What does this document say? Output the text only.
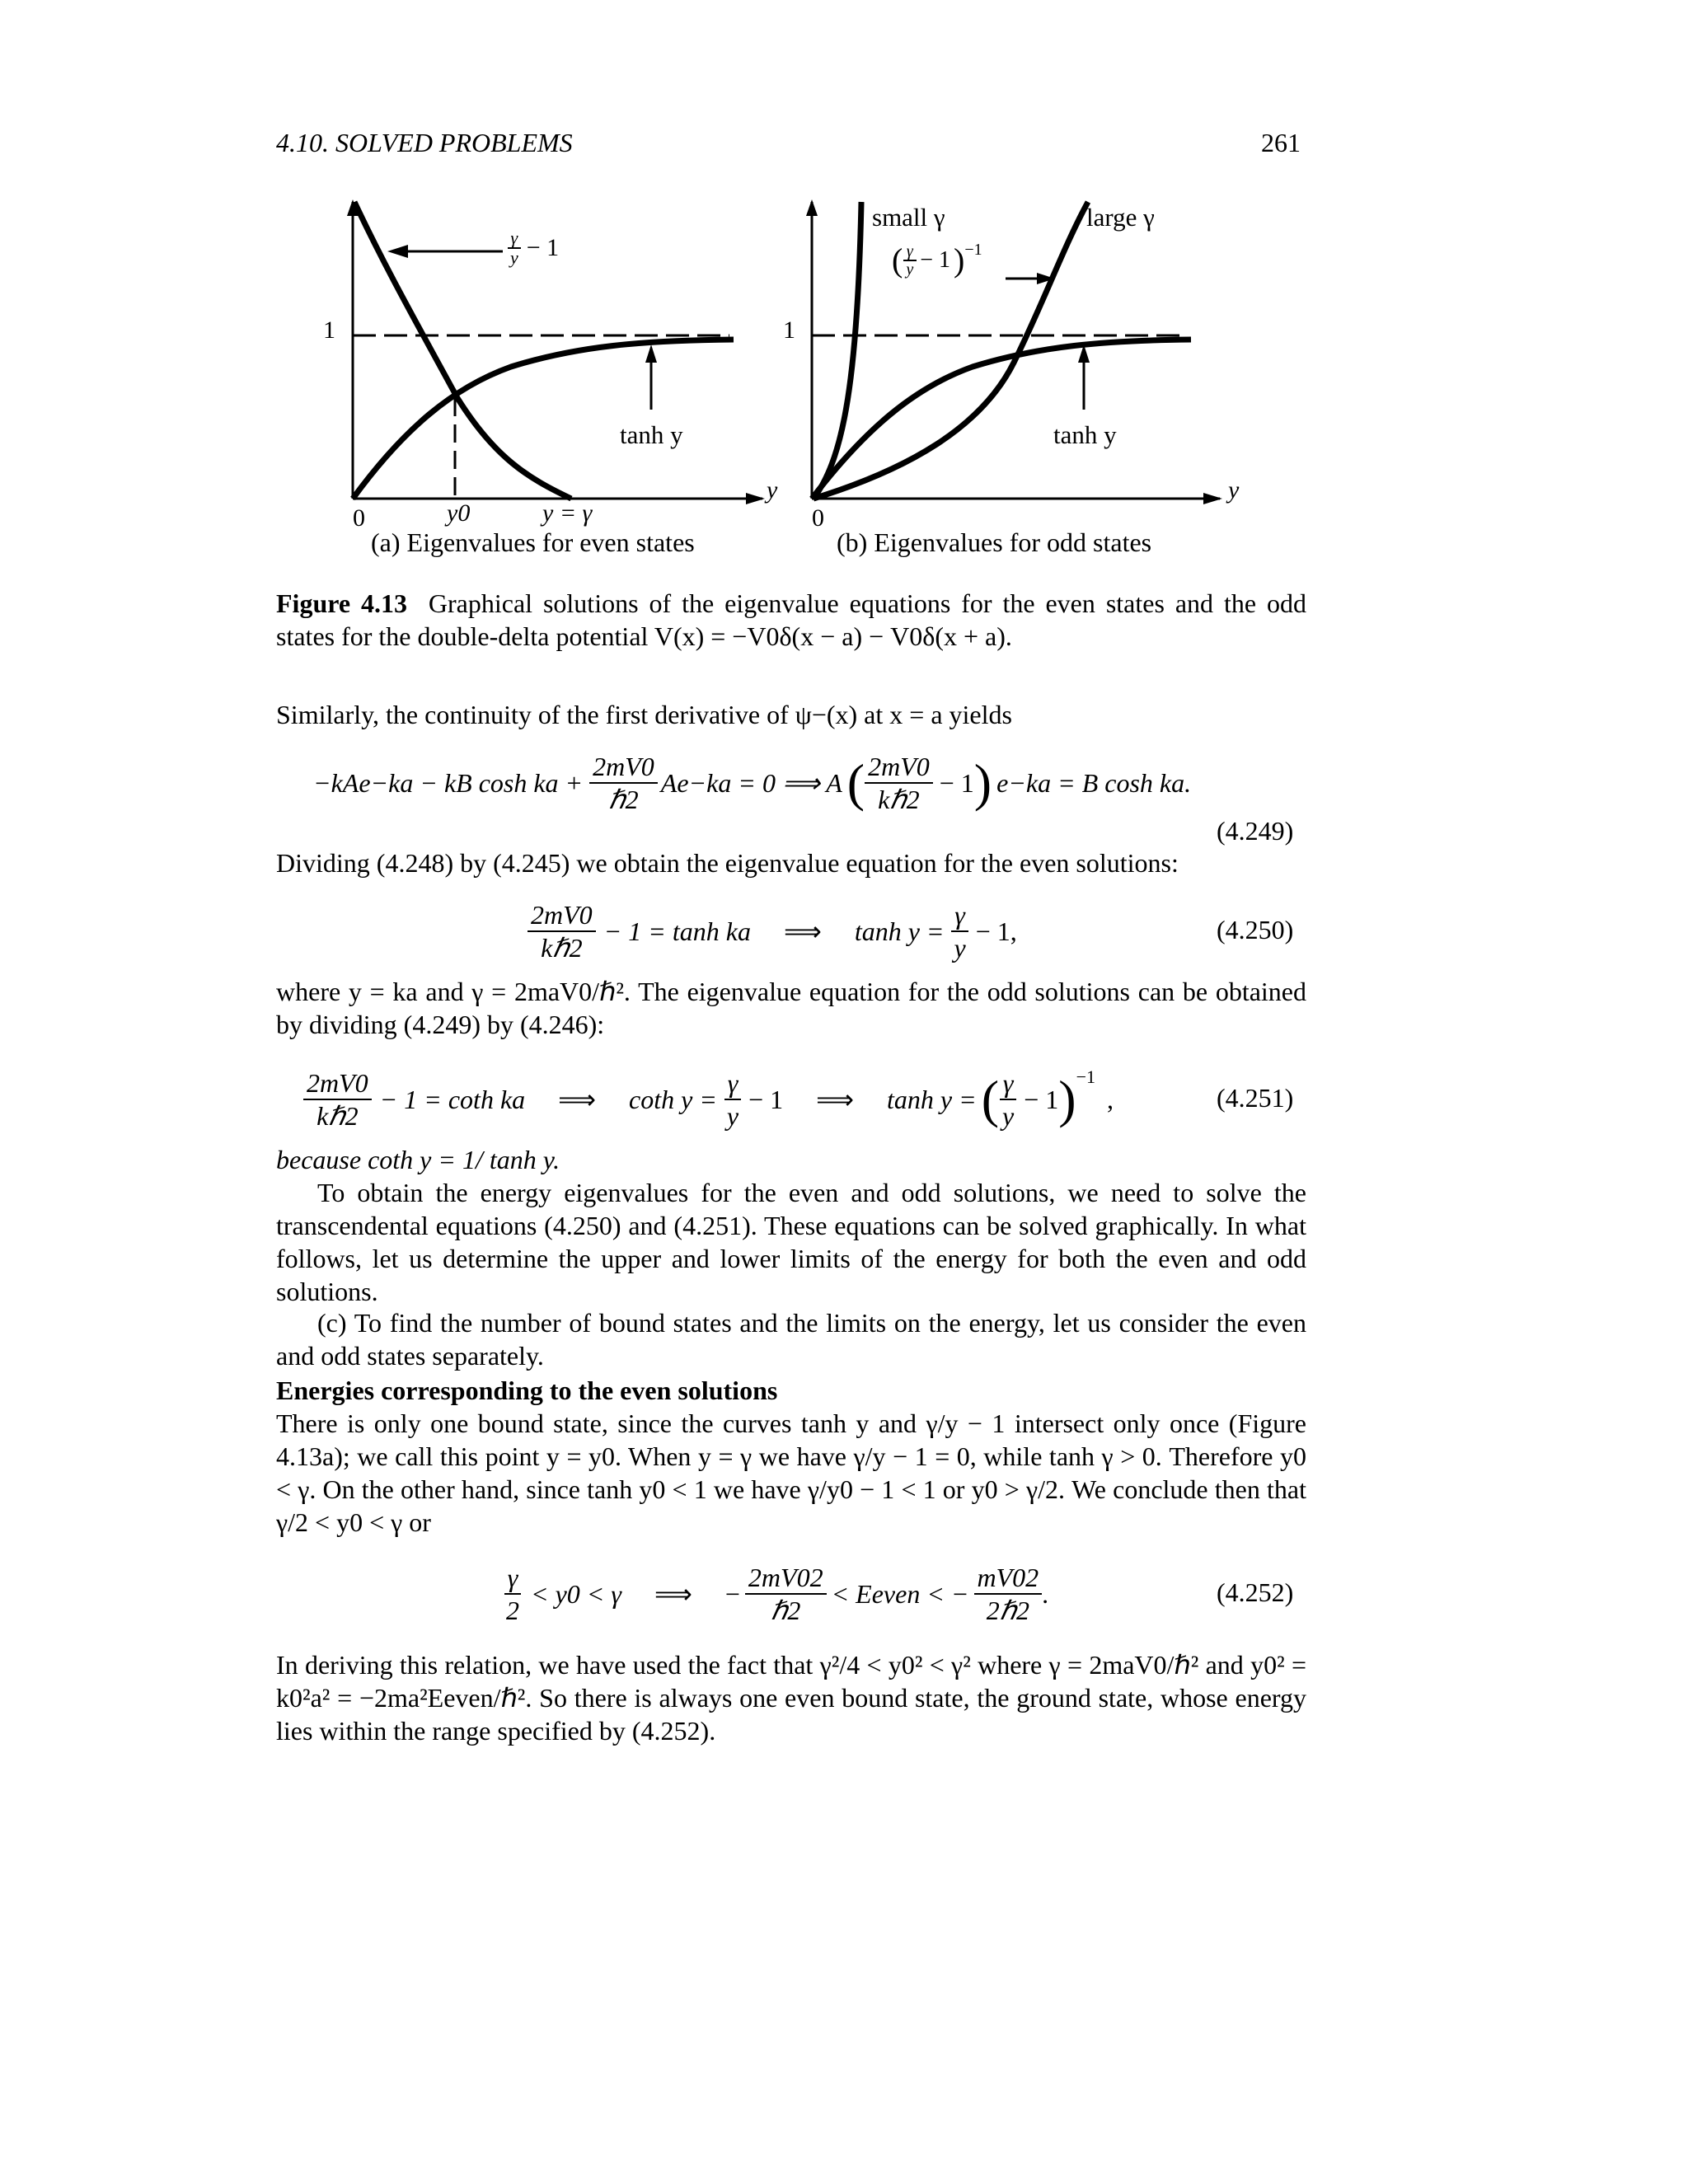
4.10. SOLVED PROBLEMS	261
$\frac{\gamma}{y} - 1$
tanh y
1
0	y0	y = γ
y
(a) Eigenvalues for even states
small γ	large γ
( $\frac{\gamma}{y} - 1$ )$^{-1}$
tanh y
1
0
y
(b) Eigenvalues for odd states
Figure 4.13 Graphical solutions of the eigenvalue equations for the even states and the odd states for the double-delta potential V(x) = −V0δ(x − a) − V0δ(x + a).
Similarly, the continuity of the first derivative of ψ−(x) at x = a yields
−kAe−ka − kB cosh ka + $\frac{2mV0}{\text{ℏ2}} Ae-ka = 0$ ⟹ A ( $\frac{2mV0}{\text{kℏ2}} - 1$ ) e−ka = B cosh ka.
(4.249)
Dividing (4.248) by (4.245) we obtain the eigenvalue equation for the even solutions:
$\frac{2mV0}{\text{kℏ2}} - 1 = \tanh$ ka ⟹ $\tanh y = \frac{\gamma}{y} - 1$,	(4.250)
where y = ka and γ = 2maV0/ℏ². The eigenvalue equation for the odd solutions can be obtained by dividing (4.249) by (4.246):
$\frac{2mV0}{\text{kℏ2}} - 1 = \cot h$ ka ⟹ coth $y = \frac{\gamma}{y} - 1$ ⟹ tanh y = ( $\frac{\gamma}{y} - 1$ )$^{-1}$
,	(4.251)
because coth y = 1/ tanh y.
To obtain the energy eigenvalues for the even and odd solutions, we need to solve the transcendental equations (4.250) and (4.251). These equations can be solved graphically. In what follows, let us determine the upper and lower limits of the energy for both the even and odd solutions.
(c) To find the number of bound states and the limits on the energy, let us consider the even and odd states separately.
Energies corresponding to the even solutions
There is only one bound state, since the curves tanh y and γ/y − 1 intersect only once (Figure 4.13a); we call this point y = y0. When y = γ we have γ/y − 1 = 0, while tanh γ > 0. Therefore y0 < γ. On the other hand, since tanh y0 < 1 we have γ/y0 − 1 < 1 or y0 > γ/2. We conclude then that γ/2 < y0 < γ or
$\frac{\gamma}{2} < y0 < \gamma$ ⟹ − $\frac{2mV02}{\text{ℏ2}}$ < Eeven < − $\frac{mV02}{\text{2ℏ2}}$ .	(4.252)
In deriving this relation, we have used the fact that γ²/4 < y0² < γ² where γ = 2maV0/ℏ² and y0² = k0²a² = −2ma²Eeven/ℏ². So there is always one even bound state, the ground state, whose energy lies within the range specified by (4.252).
